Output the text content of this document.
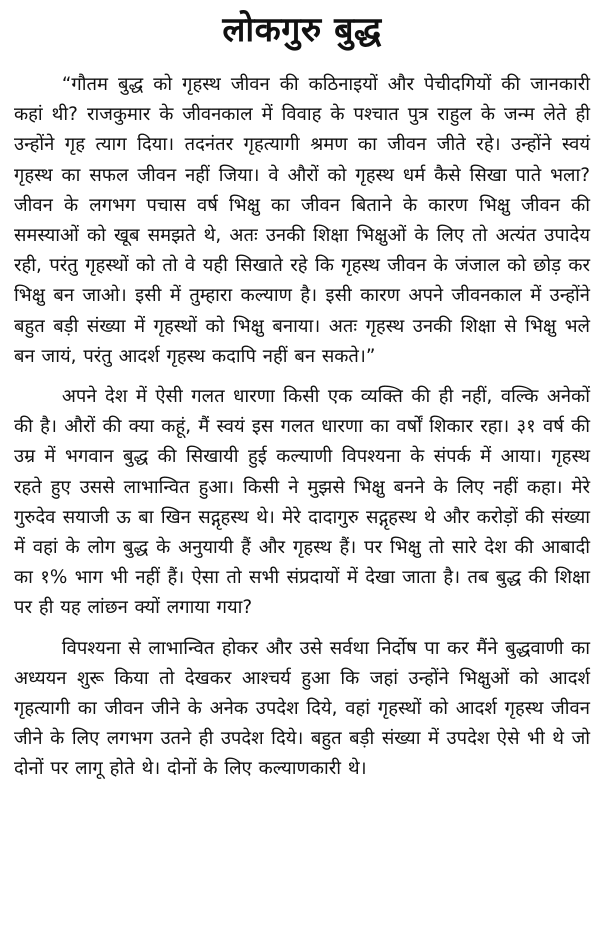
लोकगुरु बुद्ध

“गौतम बुद्ध को गृहस्थ जीवन की कठिनाइयों और पेचीदगियों की जानकारी कहां थी? राजकुमार के जीवनकाल में विवाह के पश्चात पुत्र राहुल के जन्म लेते ही उन्होंने गृह त्याग दिया। तदनंतर गृहत्यागी श्रमण का जीवन जीते रहे। उन्होंने स्वयं गृहस्थ का सफल जीवन नहीं जिया। वे औरों को गृहस्थ धर्म कैसे सिखा पाते भला? जीवन के लगभग पचास वर्ष भिक्षु का जीवन बिताने के कारण भिक्षु जीवन की समस्याओं को खूब समझते थे, अतः उनकी शिक्षा भिक्षुओं के लिए तो अत्यंत उपादेय रही, परंतु गृहस्थों को तो वे यही सिखाते रहे कि गृहस्थ जीवन के जंजाल को छोड़ कर भिक्षु बन जाओ। इसी में तुम्हारा कल्याण है। इसी कारण अपने जीवनकाल में उन्होंने बहुत बड़ी संख्या में गृहस्थों को भिक्षु बनाया। अतः गृहस्थ उनकी शिक्षा से भिक्षु भले बन जायं, परंतु आदर्श गृहस्थ कदापि नहीं बन सकते।”

अपने देश में ऐसी गलत धारणा किसी एक व्यक्ति की ही नहीं, वल्कि अनेकों की है। औरों की क्या कहूं, मैं स्वयं इस गलत धारणा का वर्षों शिकार रहा। ३१ वर्ष की उम्र में भगवान बुद्ध की सिखायी हुई कल्याणी विपश्यना के संपर्क में आया। गृहस्थ रहते हुए उससे लाभान्वित हुआ। किसी ने मुझसे भिक्षु बनने के लिए नहीं कहा। मेरे गुरुदेव सयाजी ऊ बा खिन सद्गृहस्थ थे। मेरे दादागुरु सद्गृहस्थ थे और करोड़ों की संख्या में वहां के लोग बुद्ध के अनुयायी हैं और गृहस्थ हैं। पर भिक्षु तो सारे देश की आबादी का १% भाग भी नहीं हैं। ऐसा तो सभी संप्रदायों में देखा जाता है। तब बुद्ध की शिक्षा पर ही यह लांछन क्यों लगाया गया?

विपश्यना से लाभान्वित होकर और उसे सर्वथा निर्दोष पा कर मैंने बुद्धवाणी का अध्ययन शुरू किया तो देखकर आश्चर्य हुआ कि जहां उन्होंने भिक्षुओं को आदर्श गृहत्यागी का जीवन जीने के अनेक उपदेश दिये, वहां गृहस्थों को आदर्श गृहस्थ जीवन जीने के लिए लगभग उतने ही उपदेश दिये। बहुत बड़ी संख्या में उपदेश ऐसे भी थे जो दोनों पर लागू होते थे। दोनों के लिए कल्याणकारी थे।
